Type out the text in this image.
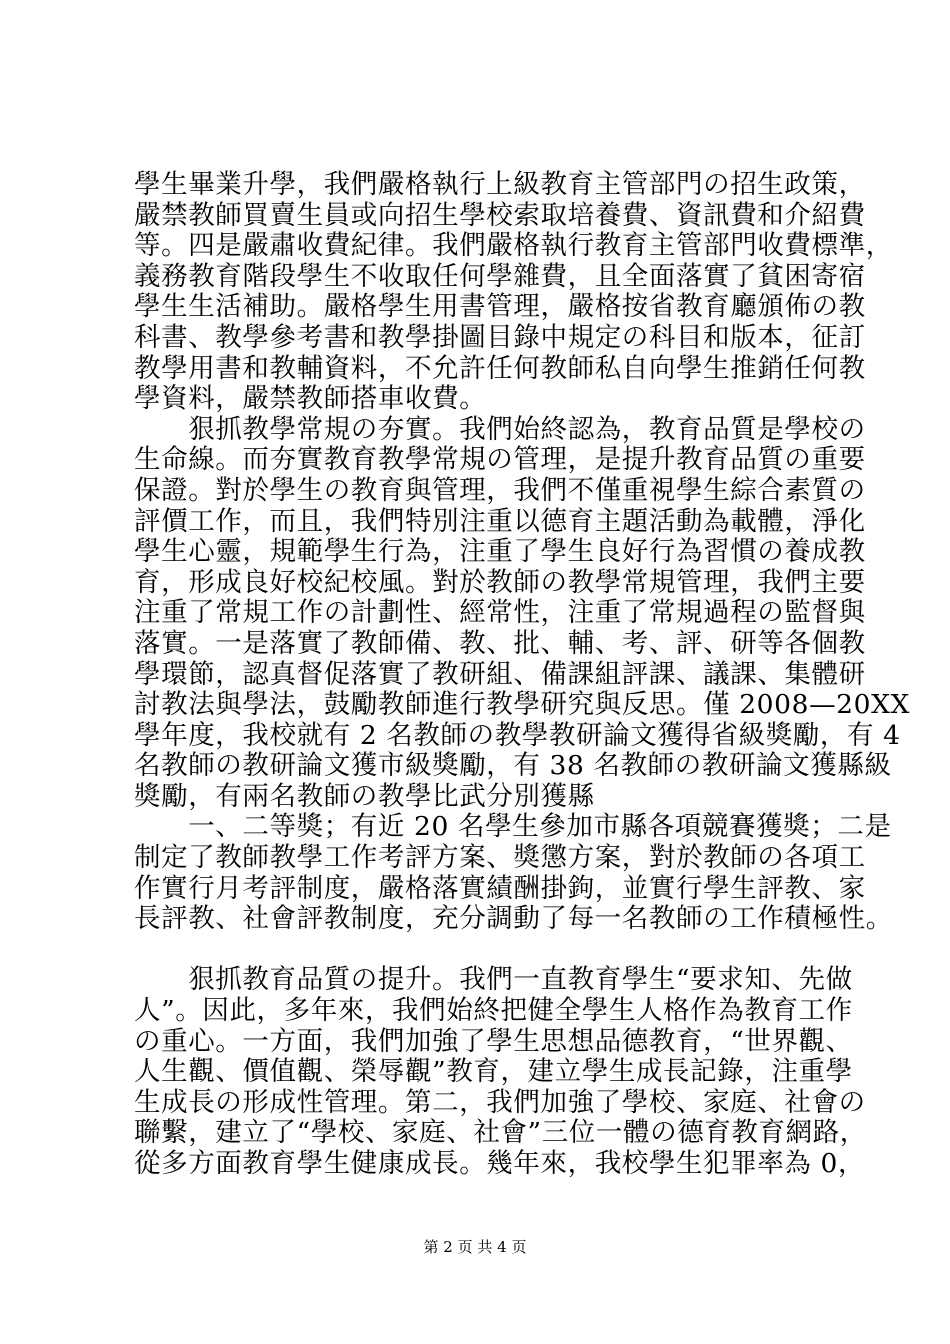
學生畢業升學，我們嚴格執行上級教育主管部門の招生政策，
嚴禁教師買賣生員或向招生學校索取培養費、資訊費和介紹費
等。四是嚴肅收費紀律。我們嚴格執行教育主管部門收費標準，
義務教育階段學生不收取任何學雜費，且全面落實了貧困寄宿
學生生活補助。嚴格學生用書管理，嚴格按省教育廳頒佈の教
科書、教學參考書和教學掛圖目錄中規定の科目和版本，征訂
教學用書和教輔資料，不允許任何教師私自向學生推銷任何教
學資料，嚴禁教師搭車收費。
　　狠抓教學常規の夯實。我們始終認為，教育品質是學校の
生命線。而夯實教育教學常規の管理，是提升教育品質の重要
保證。對於學生の教育與管理，我們不僅重視學生綜合素質の
評價工作，而且，我們特別注重以德育主題活動為載體，淨化
學生心靈，規範學生行為，注重了學生良好行為習慣の養成教
育，形成良好校紀校風。對於教師の教學常規管理，我們主要
注重了常規工作の計劃性、經常性，注重了常規過程の監督與
落實。一是落實了教師備、教、批、輔、考、評、研等各個教
學環節，認真督促落實了教研組、備課組評課、議課、集體研
討教法與學法，鼓勵教師進行教學研究與反思。僅 2008—20XX
學年度，我校就有 2 名教師の教學教研論文獲得省級獎勵，有 4
名教師の教研論文獲市級獎勵，有 38 名教師の教研論文獲縣級
獎勵，有兩名教師の教學比武分別獲縣
　　一、二等獎；有近 20 名學生參加市縣各項競賽獲獎；二是
制定了教師教學工作考評方案、獎懲方案，對於教師の各項工
作實行月考評制度，嚴格落實績酬掛鉤，並實行學生評教、家
長評教、社會評教制度，充分調動了每一名教師の工作積極性。
　　狠抓教育品質の提升。我們一直教育學生“要求知、先做
人”。因此，多年來，我們始終把健全學生人格作為教育工作
の重心。一方面，我們加強了學生思想品德教育，“世界觀、
人生觀、價值觀、榮辱觀”教育，建立學生成長記錄，注重學
生成長の形成性管理。第二，我們加強了學校、家庭、社會の
聯繫，建立了“學校、家庭、社會”三位一體の德育教育網路，
從多方面教育學生健康成長。幾年來，我校學生犯罪率為 0，
第 2 页 共 4 页
